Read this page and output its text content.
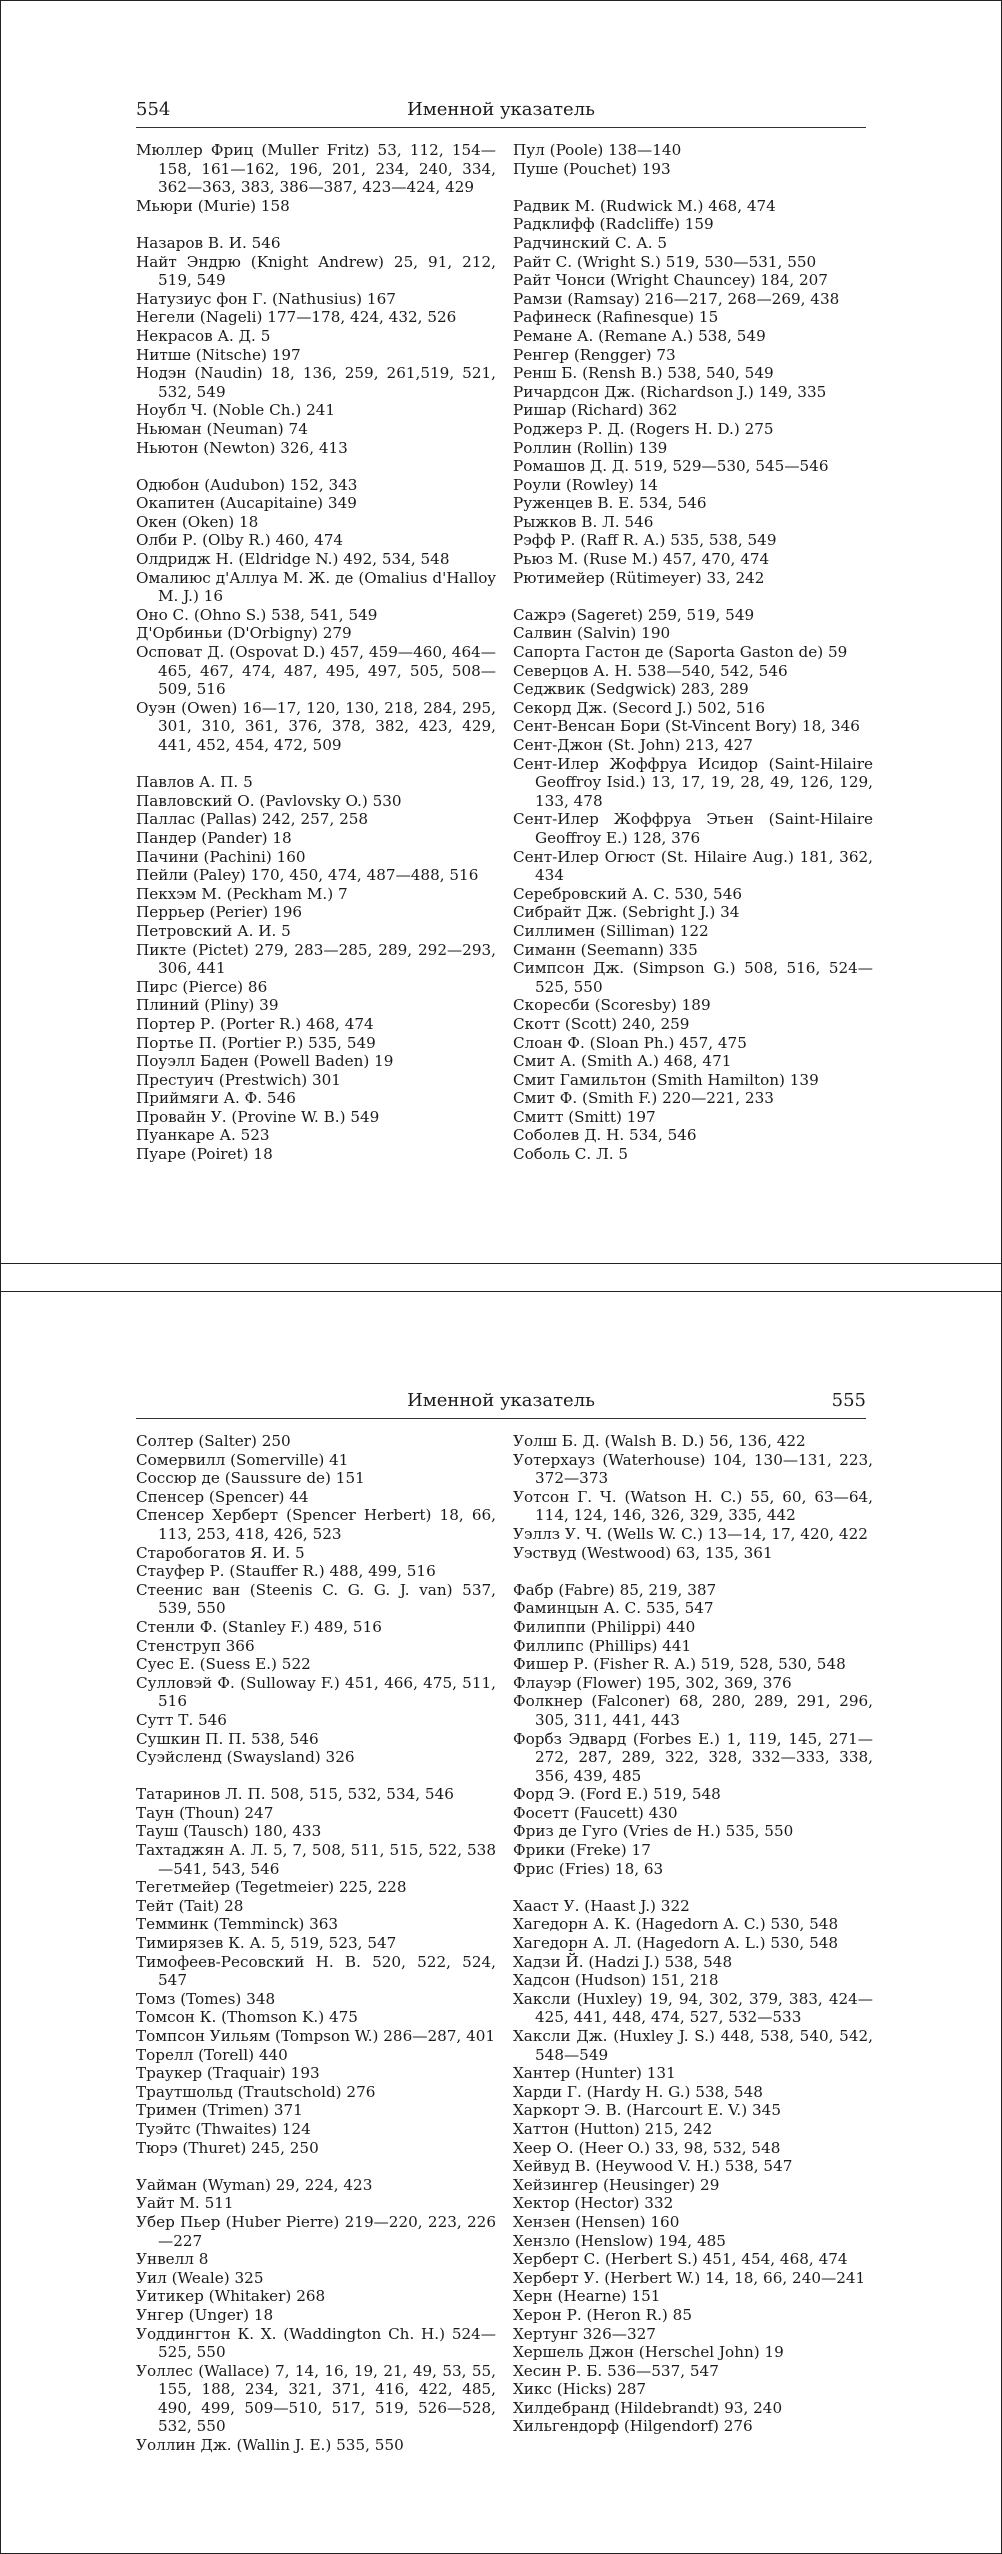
554	Именной указатель
Мюллер Фриц (Muller Fritz) 53, 112, 154—158, 161—162, 196, 201, 234, 240, 334, 362—363, 383, 386—387, 423—424, 429
Мьюри (Murie) 158
Назаров В. И. 546
Найт Эндрю (Knight Andrew) 25, 91, 212, 519, 549
Натузиус фон Г. (Nathusius) 167
Негели (Nageli) 177—178, 424, 432, 526
Некрасов А. Д. 5
Нитше (Nitsche) 197
Нодэн (Naudin) 18, 136, 259, 261,519, 521, 532, 549
Ноубл Ч. (Noble Ch.) 241
Ньюман (Neuman) 74
Ньютон (Newton) 326, 413
Одюбон (Audubon) 152, 343
Окапитен (Aucapitaine) 349
Окен (Oken) 18
Олби Р. (Olby R.) 460, 474
Олдридж Н. (Eldridge N.) 492, 534, 548
Омалиюс д'Аллуа М. Ж. де (Omalius d'Halloy M. J.) 16
Оно С. (Ohno S.) 538, 541, 549
Д'Орбиньи (D'Orbigny) 279
Осповат Д. (Ospovat D.) 457, 459—460, 464—465, 467, 474, 487, 495, 497, 505, 508—509, 516
Оуэн (Owen) 16—17, 120, 130, 218, 284, 295, 301, 310, 361, 376, 378, 382, 423, 429, 441, 452, 454, 472, 509
Павлов А. П. 5
Павловский О. (Pavlovsky O.) 530
Паллас (Pallas) 242, 257, 258
Пандер (Pander) 18
Пачини (Pachini) 160
Пейли (Paley) 170, 450, 474, 487—488, 516
Пекхэм М. (Peckham M.) 7
Перрьер (Perier) 196
Петровский А. И. 5
Пикте (Pictet) 279, 283—285, 289, 292—293, 306, 441
Пирс (Pierce) 86
Плиний (Pliny) 39
Портер Р. (Porter R.) 468, 474
Портье П. (Portier P.) 535, 549
Поуэлл Баден (Powell Baden) 19
Престуич (Prestwich) 301
Приймяги А. Ф. 546
Провайн У. (Provine W. B.) 549
Пуанкаре А. 523
Пуаре (Poiret) 18
Пул (Poole) 138—140
Пуше (Pouchet) 193
Радвик М. (Rudwick M.) 468, 474
Радклифф (Radcliffe) 159
Радчинский С. А. 5
Райт С. (Wright S.) 519, 530—531, 550
Райт Чонси (Wright Chauncey) 184, 207
Рамзи (Ramsay) 216—217, 268—269, 438
Рафинеск (Rafinesque) 15
Ремане А. (Remane A.) 538, 549
Ренгер (Rengger) 73
Ренш Б. (Rensh B.) 538, 540, 549
Ричардсон Дж. (Richardson J.) 149, 335
Ришар (Richard) 362
Роджерз Р. Д. (Rogers H. D.) 275
Роллин (Rollin) 139
Ромашов Д. Д. 519, 529—530, 545—546
Роули (Rowley) 14
Руженцев В. Е. 534, 546
Рыжков В. Л. 546
Рэфф Р. (Raff R. A.) 535, 538, 549
Рьюз М. (Ruse M.) 457, 470, 474
Рютимейер (Rütimeyer) 33, 242
Сажрэ (Sageret) 259, 519, 549
Салвин (Salvin) 190
Сапорта Гастон де (Saporta Gaston de) 59
Северцов А. Н. 538—540, 542, 546
Седжвик (Sedgwick) 283, 289
Секорд Дж. (Secord J.) 502, 516
Сент-Венсан Бори (St-Vincent Bory) 18, 346
Сент-Джон (St. John) 213, 427
Сент-Илер Жоффруа Исидор (Saint-Hilaire Geoffroy Isid.) 13, 17, 19, 28, 49, 126, 129, 133, 478
Сент-Илер Жоффруа Этьен (Saint-Hilaire Geoffroy E.) 128, 376
Сент-Илер Огюст (St. Hilaire Aug.) 181, 362, 434
Серебровский А. С. 530, 546
Сибрайт Дж. (Sebright J.) 34
Силлимен (Silliman) 122
Симанн (Seemann) 335
Симпсон Дж. (Simpson G.) 508, 516, 524—525, 550
Скоресби (Scoresby) 189
Скотт (Scott) 240, 259
Слоан Ф. (Sloan Ph.) 457, 475
Смит А. (Smith A.) 468, 471
Смит Гамильтон (Smith Hamilton) 139
Смит Ф. (Smith F.) 220—221, 233
Смитт (Smitt) 197
Соболев Д. Н. 534, 546
Соболь С. Л. 5
Именной указатель	555
Солтер (Salter) 250
Сомервилл (Somerville) 41
Соссюр де (Saussure de) 151
Спенсер (Spencer) 44
Спенсер Херберт (Spencer Herbert) 18, 66, 113, 253, 418, 426, 523
Старобогатов Я. И. 5
Стауфер Р. (Stauffer R.) 488, 499, 516
Стеенис ван (Steenis C. G. G. J. van) 537, 539, 550
Стенли Ф. (Stanley F.) 489, 516
Стенструп 366
Суес Е. (Suess E.) 522
Сулловэй Ф. (Sulloway F.) 451, 466, 475, 511, 516
Сутт Т. 546
Сушкин П. П. 538, 546
Суэйсленд (Swaysland) 326
Татаринов Л. П. 508, 515, 532, 534, 546
Таун (Thoun) 247
Тауш (Tausch) 180, 433
Тахтаджян А. Л. 5, 7, 508, 511, 515, 522, 538—541, 543, 546
Тегетмейер (Tegetmeier) 225, 228
Тейт (Tait) 28
Темминк (Temminck) 363
Тимирязев К. А. 5, 519, 523, 547
Тимофеев-Ресовский Н. В. 520, 522, 524, 547
Томз (Tomes) 348
Томсон К. (Thomson K.) 475
Томпсон Уильям (Tompson W.) 286—287, 401
Торелл (Torell) 440
Траукер (Traquair) 193
Траутшольд (Trautschold) 276
Тримен (Trimen) 371
Туэйтс (Thwaites) 124
Тюрэ (Thuret) 245, 250
Уайман (Wyman) 29, 224, 423
Уайт М. 511
Убер Пьер (Huber Pierre) 219—220, 223, 226—227
Унвелл 8
Уил (Weale) 325
Уитикер (Whitaker) 268
Унгер (Unger) 18
Уоддингтон К. Х. (Waddington Ch. H.) 524—525, 550
Уоллес (Wallace) 7, 14, 16, 19, 21, 49, 53, 55, 155, 188, 234, 321, 371, 416, 422, 485, 490, 499, 509—510, 517, 519, 526—528, 532, 550
Уоллин Дж. (Wallin J. E.) 535, 550
Уолш Б. Д. (Walsh B. D.) 56, 136, 422
Уотерхауз (Waterhouse) 104, 130—131, 223, 372—373
Уотсон Г. Ч. (Watson H. C.) 55, 60, 63—64, 114, 124, 146, 326, 329, 335, 442
Уэллз У. Ч. (Wells W. C.) 13—14, 17, 420, 422
Уэствуд (Westwood) 63, 135, 361
Фабр (Fabre) 85, 219, 387
Фаминцын А. С. 535, 547
Филиппи (Philippi) 440
Филлипс (Phillips) 441
Фишер Р. (Fisher R. A.) 519, 528, 530, 548
Флауэр (Flower) 195, 302, 369, 376
Фолкнер (Falconer) 68, 280, 289, 291, 296, 305, 311, 441, 443
Форбз Эдвард (Forbes E.) 1, 119, 145, 271—272, 287, 289, 322, 328, 332—333, 338, 356, 439, 485
Форд Э. (Ford E.) 519, 548
Фосетт (Faucett) 430
Фриз де Гуго (Vries de H.) 535, 550
Фрики (Freke) 17
Фрис (Fries) 18, 63
Хааст У. (Haast J.) 322
Хагедорн А. К. (Hagedorn A. C.) 530, 548
Хагедорн А. Л. (Hagedorn A. L.) 530, 548
Хадзи Й. (Hadzi J.) 538, 548
Хадсон (Hudson) 151, 218
Хаксли (Huxley) 19, 94, 302, 379, 383, 424—425, 441, 448, 474, 527, 532—533
Хаксли Дж. (Huxley J. S.) 448, 538, 540, 542, 548—549
Хантер (Hunter) 131
Харди Г. (Hardy H. G.) 538, 548
Харкорт Э. В. (Harcourt E. V.) 345
Хаттон (Hutton) 215, 242
Хеер О. (Heer O.) 33, 98, 532, 548
Хейвуд В. (Heywood V. H.) 538, 547
Хейзингер (Heusinger) 29
Хектор (Hector) 332
Хензен (Hensen) 160
Хензло (Henslow) 194, 485
Херберт С. (Herbert S.) 451, 454, 468, 474
Херберт У. (Herbert W.) 14, 18, 66, 240—241
Херн (Hearne) 151
Херон Р. (Heron R.) 85
Хертунг 326—327
Хершель Джон (Herschel John) 19
Хесин Р. Б. 536—537, 547
Хикс (Hicks) 287
Хилдебранд (Hildebrandt) 93, 240
Хильгендорф (Hilgendorf) 276
